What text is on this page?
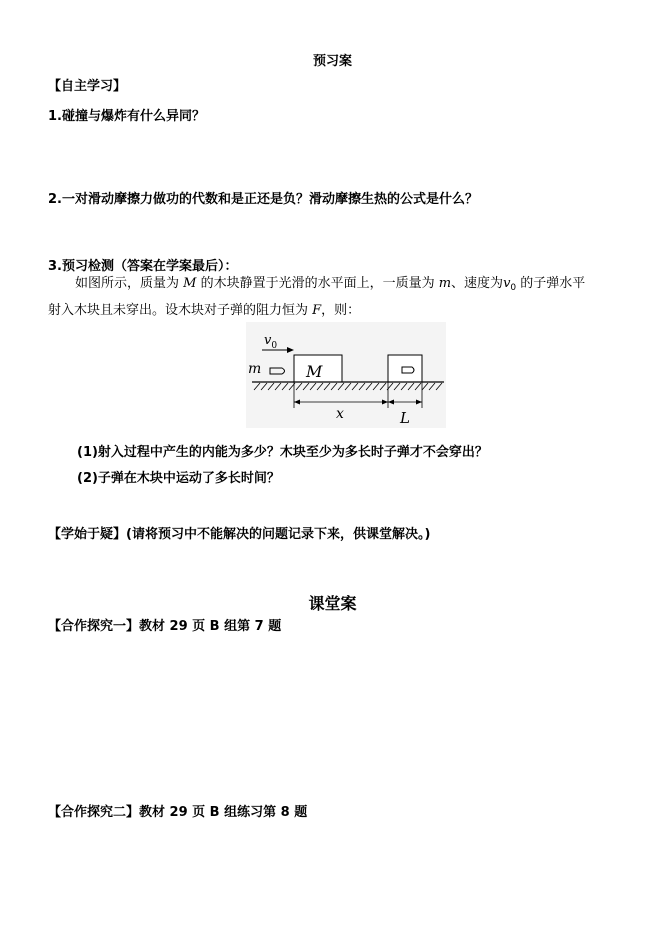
预习案
【自主学习】
1.碰撞与爆炸有什么异同？
2.一对滑动摩擦力做功的代数和是正还是负？滑动摩擦生热的公式是什么？
3.预习检测（答案在学案最后）：
如图所示，质量为 M 的木块静置于光滑的水平面上，一质量为 m、速度为$v_0$ 的子弹水平
射入木块且未穿出。设木块对子弹的阻力恒为 F，则：
$v_0$
m	M
x	L
(1)射入过程中产生的内能为多少？木块至少为多长时子弹才不会穿出？
(2)子弹在木块中运动了多长时间？
【学始于疑】(请将预习中不能解决的问题记录下来，供课堂解决。)
课堂案
【合作探究一】教材 29 页 B 组第 7 题
【合作探究二】教材 29 页 B 组练习第 8 题
